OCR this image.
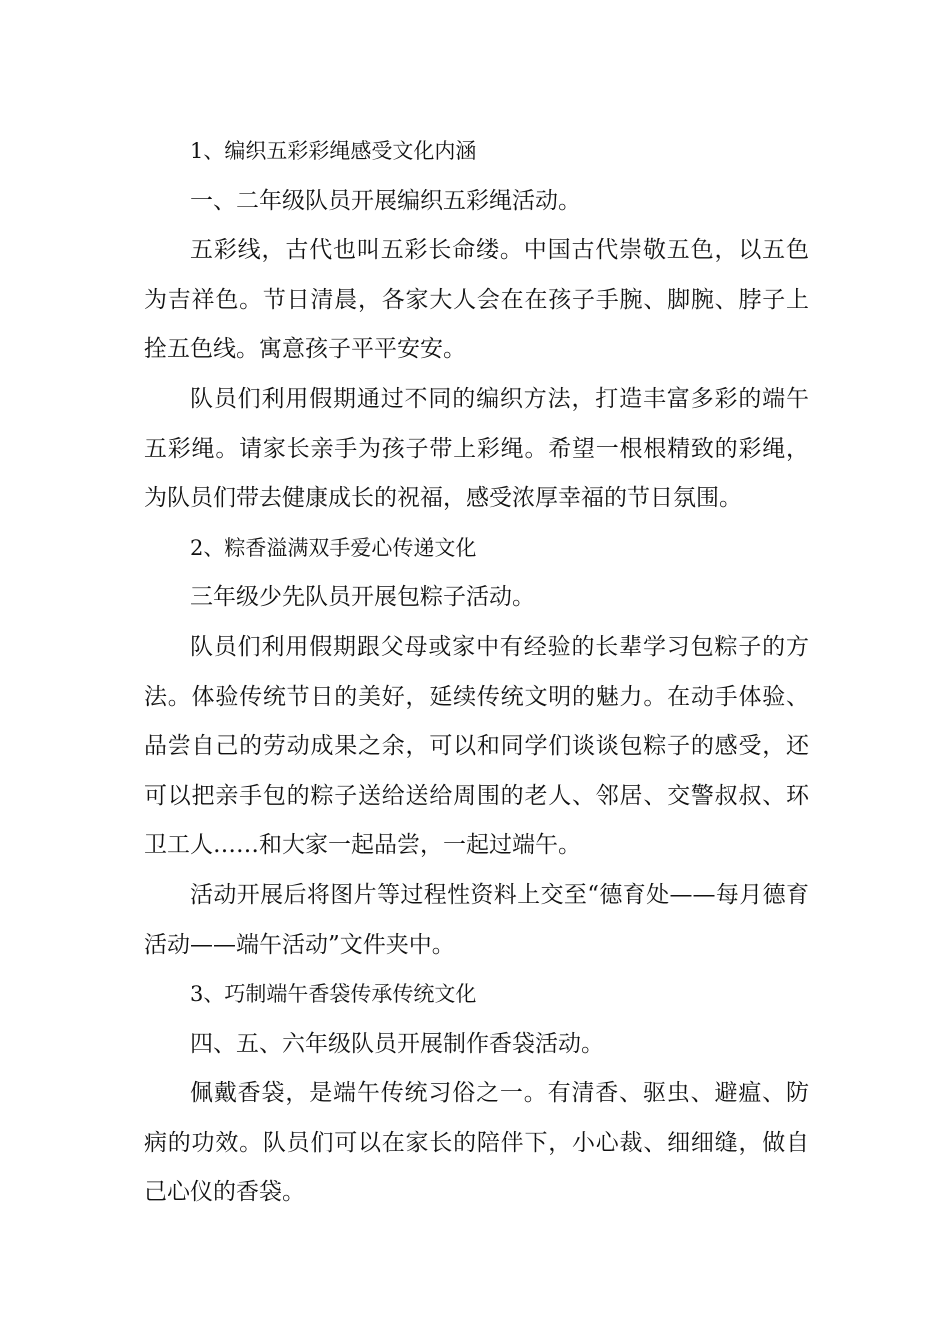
1、编织五彩彩绳感受文化内涵

一、二年级队员开展编织五彩绳活动。

五彩线，古代也叫五彩长命缕。中国古代崇敬五色，以五色为吉祥色。节日清晨，各家大人会在在孩子手腕、脚腕、脖子上拴五色线。寓意孩子平平安安。

队员们利用假期通过不同的编织方法，打造丰富多彩的端午五彩绳。请家长亲手为孩子带上彩绳。希望一根根精致的彩绳，为队员们带去健康成长的祝福，感受浓厚幸福的节日氛围。

2、粽香溢满双手爱心传递文化

三年级少先队员开展包粽子活动。

队员们利用假期跟父母或家中有经验的长辈学习包粽子的方法。体验传统节日的美好，延续传统文明的魅力。在动手体验、品尝自己的劳动成果之余，可以和同学们谈谈包粽子的感受，还可以把亲手包的粽子送给送给周围的老人、邻居、交警叔叔、环卫工人……和大家一起品尝，一起过端午。

活动开展后将图片等过程性资料上交至“德育处——每月德育活动——端午活动”文件夹中。

3、巧制端午香袋传承传统文化

四、五、六年级队员开展制作香袋活动。

佩戴香袋，是端午传统习俗之一。有清香、驱虫、避瘟、防病的功效。队员们可以在家长的陪伴下，小心裁、细细缝，做自己心仪的香袋。
